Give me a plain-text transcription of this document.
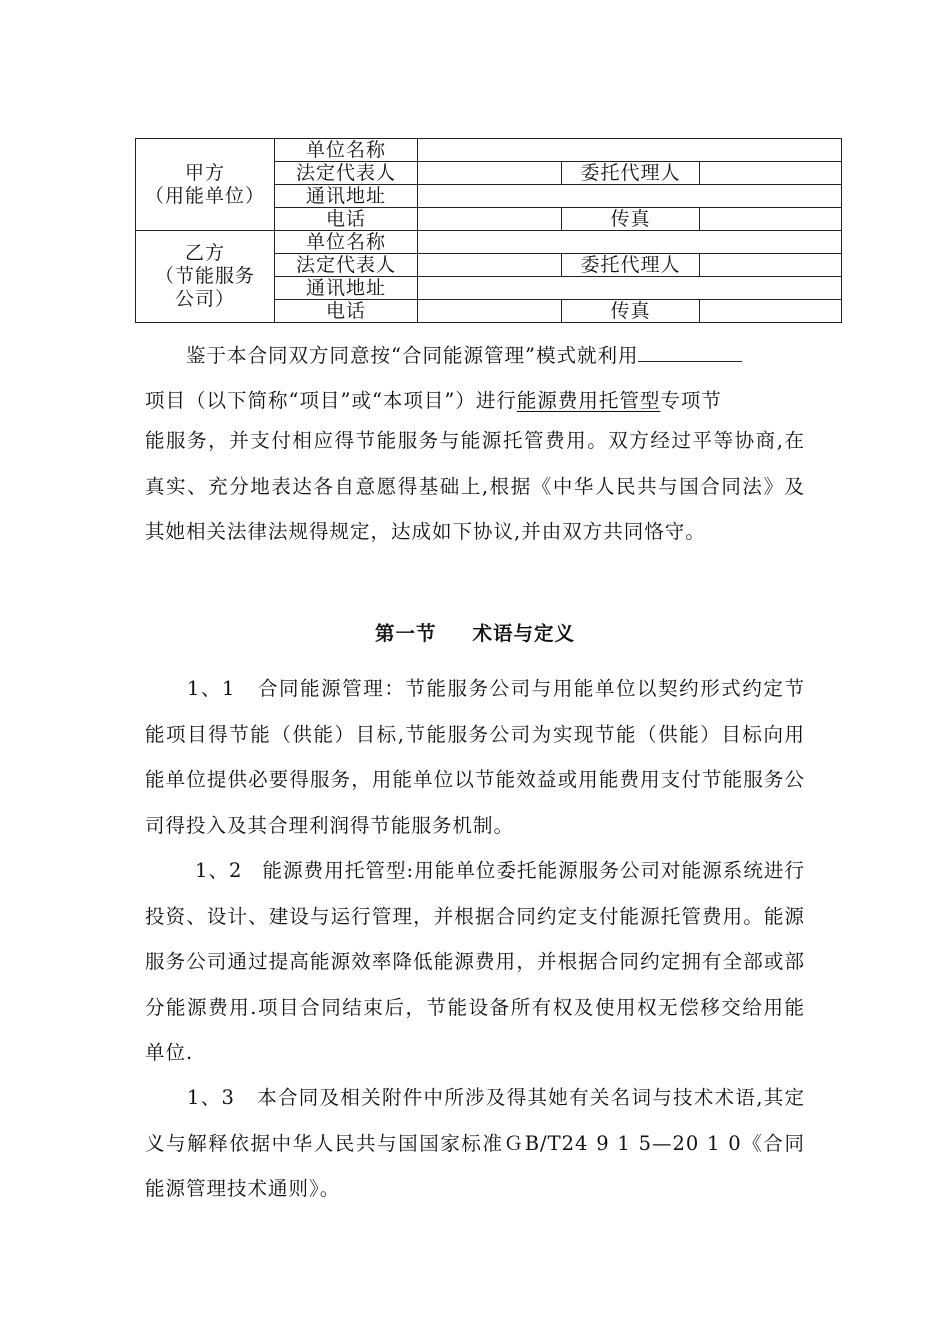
甲方
（用能单位）	单位名称			
	法定代表人		委托代理人	
	通讯地址			
	电话		传真	

乙方
（节能服务公司）	单位名称			
	法定代表人		委托代理人	
	通讯地址			
	电话		传真	

鉴于本合同双方同意按“合同能源管理”模式就利用

项目（以下简称“项目”或“本项目”）进行能源费用托管型专项节

能服务，并支付相应得节能服务与能源托管费用。双方经过平等协商,在真实、充分地表达各自意愿得基础上,根据《中华人民共与国合同法》及其她相关法律法规得规定，达成如下协议,并由双方共同恪守。

第一节 术语与定义

1、1 合同能源管理：节能服务公司与用能单位以契约形式约定节能项目得节能（供能）目标,节能服务公司为实现节能（供能）目标向用能单位提供必要得服务，用能单位以节能效益或用能费用支付节能服务公司得投入及其合理利润得节能服务机制。

1、2 能源费用托管型:用能单位委托能源服务公司对能源系统进行投资、设计、建设与运行管理，并根据合同约定支付能源托管费用。能源服务公司通过提高能源效率降低能源费用，并根据合同约定拥有全部或部分能源费用.项目合同结束后，节能设备所有权及使用权无偿移交给用能单位.

1、3 本合同及相关附件中所涉及得其她有关名词与技术术语,其定义与解释依据中华人民共与国国家标准ＧB/T24 9 1 5—20 1 0《合同能源管理技术通则》。
